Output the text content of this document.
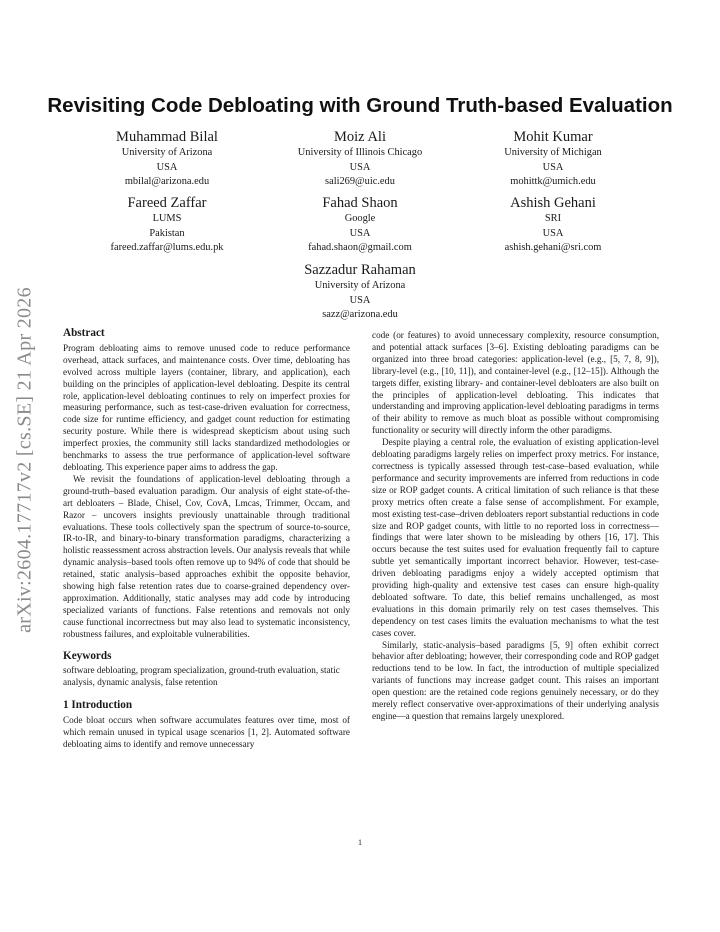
arXiv:2604.17717v2 [cs.SE] 21 Apr 2026
Revisiting Code Debloating with Ground Truth-based Evaluation
Muhammad Bilal
University of Arizona
USA
mbilal@arizona.edu
Moiz Ali
University of Illinois Chicago
USA
sali269@uic.edu
Mohit Kumar
University of Michigan
USA
mohittk@umich.edu
Fareed Zaffar
LUMS
Pakistan
fareed.zaffar@lums.edu.pk
Fahad Shaon
Google
USA
fahad.shaon@gmail.com
Ashish Gehani
SRI
USA
ashish.gehani@sri.com
Sazzadur Rahaman
University of Arizona
USA
sazz@arizona.edu
Abstract

Program debloating aims to remove unused code to reduce performance overhead, attack surfaces, and maintenance costs. Over time, debloating has evolved across multiple layers (container, library, and application), each building on the principles of application-level debloating. Despite its central role, application-level debloating continues to rely on imperfect proxies for measuring performance, such as test-case-driven evaluation for correctness, code size for runtime efficiency, and gadget count reduction for estimating security posture. While there is widespread skepticism about using such imperfect proxies, the community still lacks standardized methodologies or benchmarks to assess the true performance of application-level software debloating. This experience paper aims to address the gap.

We revisit the foundations of application-level debloating through a ground-truth–based evaluation paradigm. Our analysis of eight state-of-the-art debloaters – Blade, Chisel, Cov, CovA, Lmcas, Trimmer, Occam, and Razor – uncovers insights previously unattainable through traditional evaluations. These tools collectively span the spectrum of source-to-source, IR-to-IR, and binary-to-binary transformation paradigms, characterizing a holistic reassessment across abstraction levels. Our analysis reveals that while dynamic analysis–based tools often remove up to 94% of code that should be retained, static analysis–based approaches exhibit the opposite behavior, showing high false retention rates due to coarse-grained dependency over-approximation. Additionally, static analyses may add code by introducing specialized variants of functions. False retentions and removals not only cause functional incorrectness but may also lead to systematic inconsistency, robustness failures, and exploitable vulnerabilities.

Keywords

software debloating, program specialization, ground-truth evaluation, static analysis, dynamic analysis, false retention

1 Introduction

Code bloat occurs when software accumulates features over time, most of which remain unused in typical usage scenarios [1, 2]. Automated software debloating aims to identify and remove unnecessary

code (or features) to avoid unnecessary complexity, resource consumption, and potential attack surfaces [3–6]. Existing debloating paradigms can be organized into three broad categories: application-level (e.g., [5, 7, 8, 9]), library-level (e.g., [10, 11]), and container-level (e.g., [12–15]). Although the targets differ, existing library- and container-level debloaters are also built on the principles of application-level debloating. This indicates that understanding and improving application-level debloating paradigms in terms of their ability to remove as much bloat as possible without compromising functionality or security will directly inform the other paradigms.

Despite playing a central role, the evaluation of existing application-level debloating paradigms largely relies on imperfect proxy metrics. For instance, correctness is typically assessed through test-case–based evaluation, while performance and security improvements are inferred from reductions in code size or ROP gadget counts. A critical limitation of such reliance is that these proxy metrics often create a false sense of accomplishment. For example, most existing test-case–driven debloaters report substantial reductions in code size and ROP gadget counts, with little to no reported loss in correctness—findings that were later shown to be misleading by others [16, 17]. This occurs because the test suites used for evaluation frequently fail to capture subtle yet semantically important incorrect behavior. However, test-case-driven debloating paradigms enjoy a widely accepted optimism that providing high-quality and extensive test cases can ensure high-quality debloated software. To date, this belief remains unchallenged, as most evaluations in this domain primarily rely on test cases themselves. This dependency on test cases limits the evaluation mechanisms to what the test cases cover.

Similarly, static-analysis–based paradigms [5, 9] often exhibit correct behavior after debloating; however, their corresponding code and ROP gadget reductions tend to be low. In fact, the introduction of multiple specialized variants of functions may increase gadget count. This raises an important open question: are the retained code regions genuinely necessary, or do they merely reflect conservative over-approximations of their underlying analysis engine—a question that remains largely unexplored.

1
